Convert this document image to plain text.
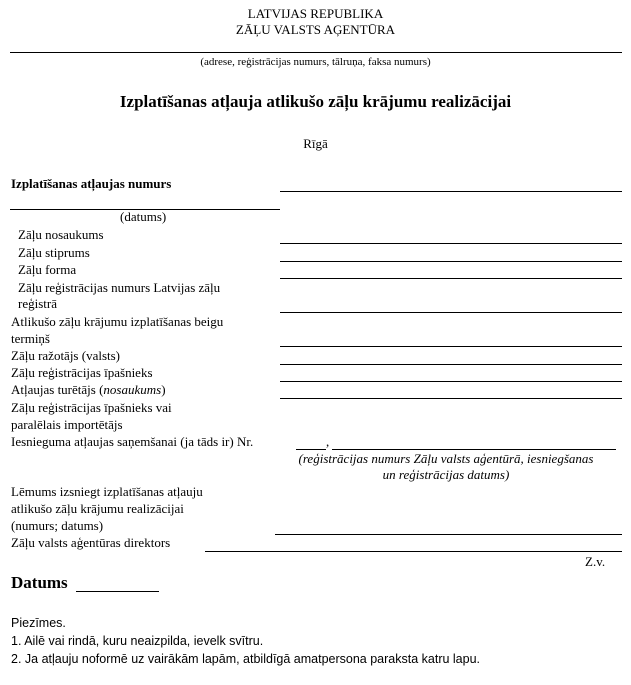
LATVIJAS REPUBLIKA
ZĀĻU VALSTS AĢENTŪRA
(adrese, reģistrācijas numurs, tālruņa, faksa numurs)
Izplatīšanas atļauja atlikušo zāļu krājumu realizācijai
Rīgā
Izplatīšanas atļaujas numurs
(datums)
Zāļu nosaukums
Zāļu stiprums
Zāļu forma
Zāļu reģistrācijas numurs Latvijas zāļu
reģistrā
Atlikušo zāļu krājumu izplatīšanas beigu
termiņš
Zāļu ražotājs (valsts)
Zāļu reģistrācijas īpašnieks
Atļaujas turētājs (nosaukums)
Zāļu reģistrācijas īpašnieks vai
paralēlais importētājs
Iesnieguma atļaujas saņemšanai (ja tāds ir) Nr.	,
(reģistrācijas numurs Zāļu valsts aģentūrā, iesniegšanas
un reģistrācijas datums)
Lēmums izsniegt izplatīšanas atļauju
atlikušo zāļu krājumu realizācijai
(numurs; datums)
Zāļu valsts aģentūras direktors
Z.v.
Datums
Piezīmes.
1. Ailē vai rindā, kuru neaizpilda, ievelk svītru.
2. Ja atļauju noformē uz vairākām lapām, atbildīgā amatpersona paraksta katru lapu.
